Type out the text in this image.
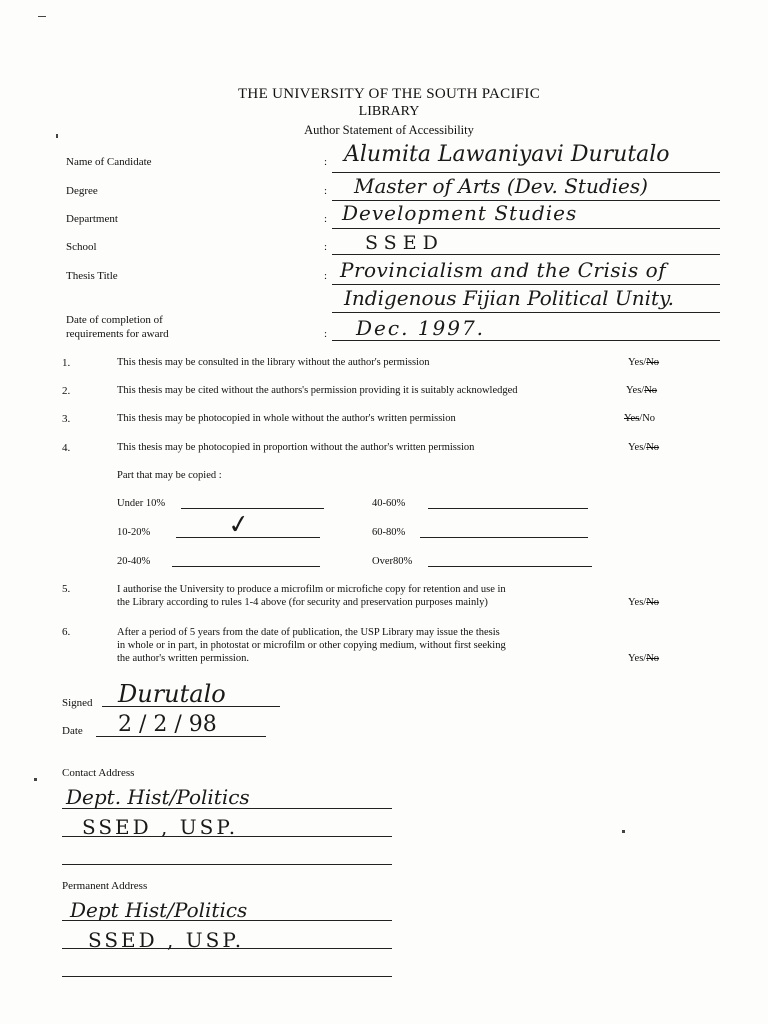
THE UNIVERSITY OF THE SOUTH PACIFIC
LIBRARY
Author Statement of Accessibility
Name of Candidate	: Alumita Lawaniyavi Durutalo
Degree	: Master of Arts (Dev. Studies)
Department	: Development Studies
School	: SSED
Thesis Title	: Provincialism and the Crisis of
Indigenous Fijian Political Unity.
Date of completion of
requirements for award	: Dec. 1997.
1.	This thesis may be consulted in the library without the author's permission	Yes/No
2.	This thesis may be cited without the authors's permission providing it is suitably acknowledged	Yes/No
3.	This thesis may be photocopied in whole without the author's written permission	Yes/No
4.	This thesis may be photocopied in proportion without the author's written permission	Yes/No
Part that may be copied :
Under 10%	40-60%
10-20%	✓	60-80%
20-40%	Over80%
5.	I authorise the University to produce a microfilm or microfiche copy for retention and use in
the Library according to rules 1-4 above (for security and preservation purposes mainly)	Yes/No
6.	After a period of 5 years from the date of publication, the USP Library may issue the thesis
in whole or in part, in photostat or microfilm or other copying medium, without first seeking
the author's written permission.	Yes/No
Signed Durutalo
Date 2 / 2 / 98
Contact Address
Dept. Hist/Politics
SSED , USP.
Permanent Address
Dept Hist/Politics
SSED , USP.
